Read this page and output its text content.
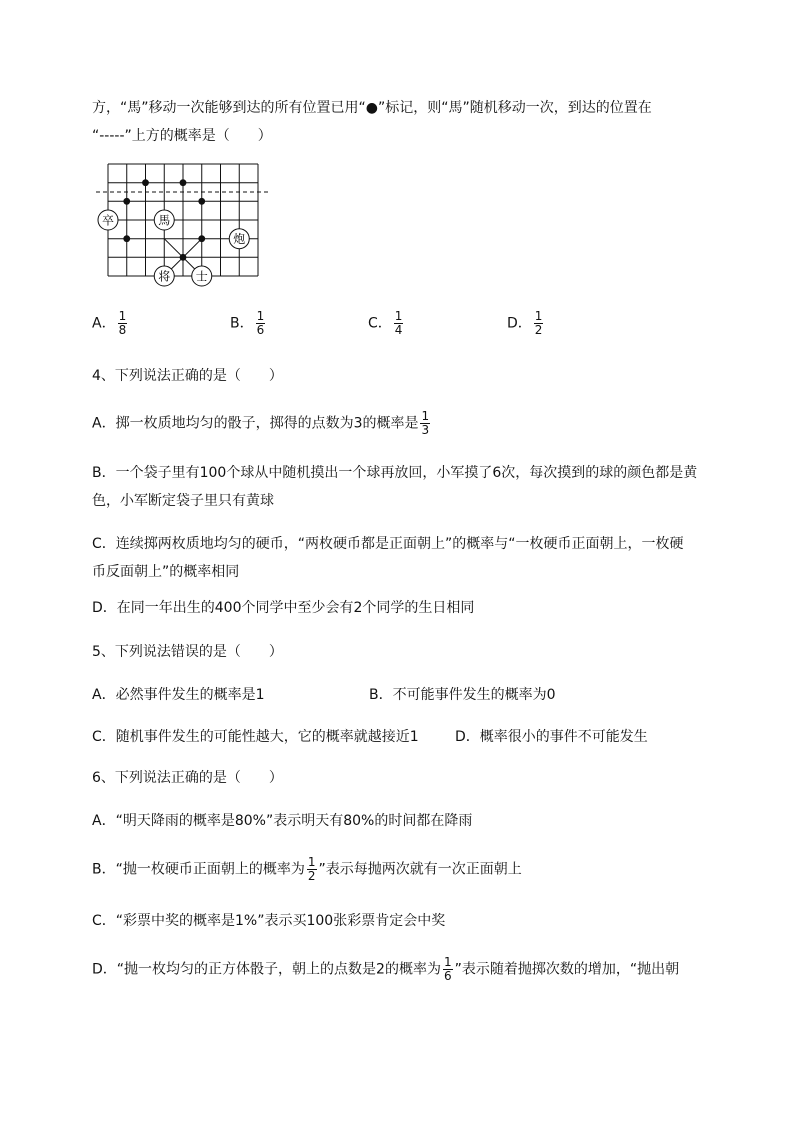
方，“馬”移动一次能够到达的所有位置已用“●”标记，则“馬”随机移动一次，到达的位置在
“-----”上方的概率是（　　）
卒	馬
炮
将 士
A． $\frac{1}{8}$	B． $\frac{1}{6}$	C． $\frac{1}{4}$	D． $\frac{1}{2}$
4、下列说法正确的是（　　）
A．掷一枚质地均匀的骰子，掷得的点数为3的概率是 $\frac{1}{3}$
B．一个袋子里有100个球从中随机摸出一个球再放回，小军摸了6次，每次摸到的球的颜色都是黄
色，小军断定袋子里只有黄球
C．连续掷两枚质地均匀的硬币，“两枚硬币都是正面朝上”的概率与“一枚硬币正面朝上，一枚硬
币反面朝上”的概率相同
D．在同一年出生的400个同学中至少会有2个同学的生日相同
5、下列说法错误的是（　　）
A．必然事件发生的概率是1	B．不可能事件发生的概率为0
C．随机事件发生的可能性越大，它的概率就越接近1	D．概率很小的事件不可能发生
6、下列说法正确的是（　　）
A．“明天降雨的概率是80%”表示明天有80%的时间都在降雨
B．“抛一枚硬币正面朝上的概率为 $\frac{1}{2}$ ”表示每抛两次就有一次正面朝上
C．“彩票中奖的概率是1%”表示买100张彩票肯定会中奖
D．“抛一枚均匀的正方体骰子，朝上的点数是2的概率为 $\frac{1}{6}$ ”表示随着抛掷次数的增加，“抛出朝
